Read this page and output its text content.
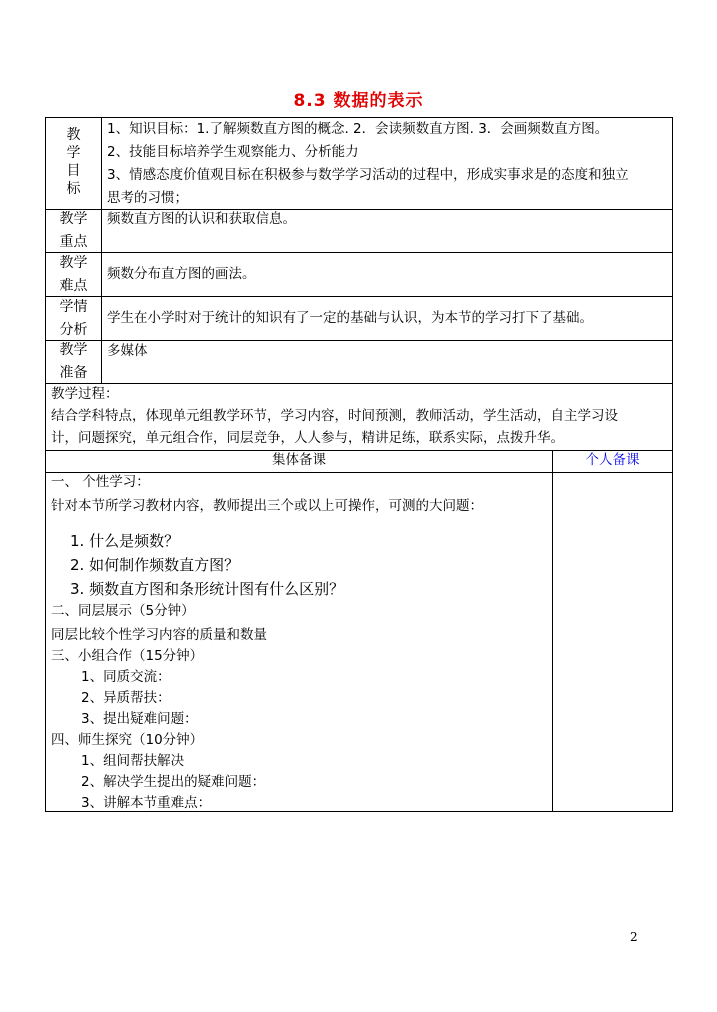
8.3 数据的表示
教
学
目
标

1、知识目标：1.了解频数直方图的概念. 2．会读频数直方图. 3．会画频数直方图。

2、技能目标培养学生观察能力、分析能力

3、情感态度价值观目标在积极参与数学学习活动的过程中，形成实事求是的态度和独立

思考的习惯；

教学
重点
频数直方图的认识和获取信息。
教学
难点
频数分布直方图的画法。
学情
分析
学生在小学时对于统计的知识有了一定的基础与认识，为本节的学习打下了基础。
教学
准备
多媒体

教学过程：

结合学科特点，体现单元组教学环节，学习内容，时间预测，教师活动，学生活动，自主学习设

计，问题探究，单元组合作，同层竞争，人人参与，精讲足练，联系实际，点拨升华。

集体备课	个人备课

一、 个性学习：

针对本节所学习教材内容，教师提出三个或以上可操作，可测的大问题：

1. 什么是频数？

2. 如何制作频数直方图？

3. 频数直方图和条形统计图有什么区别？

二、同层展示（5分钟）

同层比较个性学习内容的质量和数量

三、小组合作（15分钟）

1、同质交流：

2、异质帮扶：

3、提出疑难问题：

四、师生探究（10分钟）

1、组间帮扶解决

2、解决学生提出的疑难问题：

3、讲解本节重难点：

2
